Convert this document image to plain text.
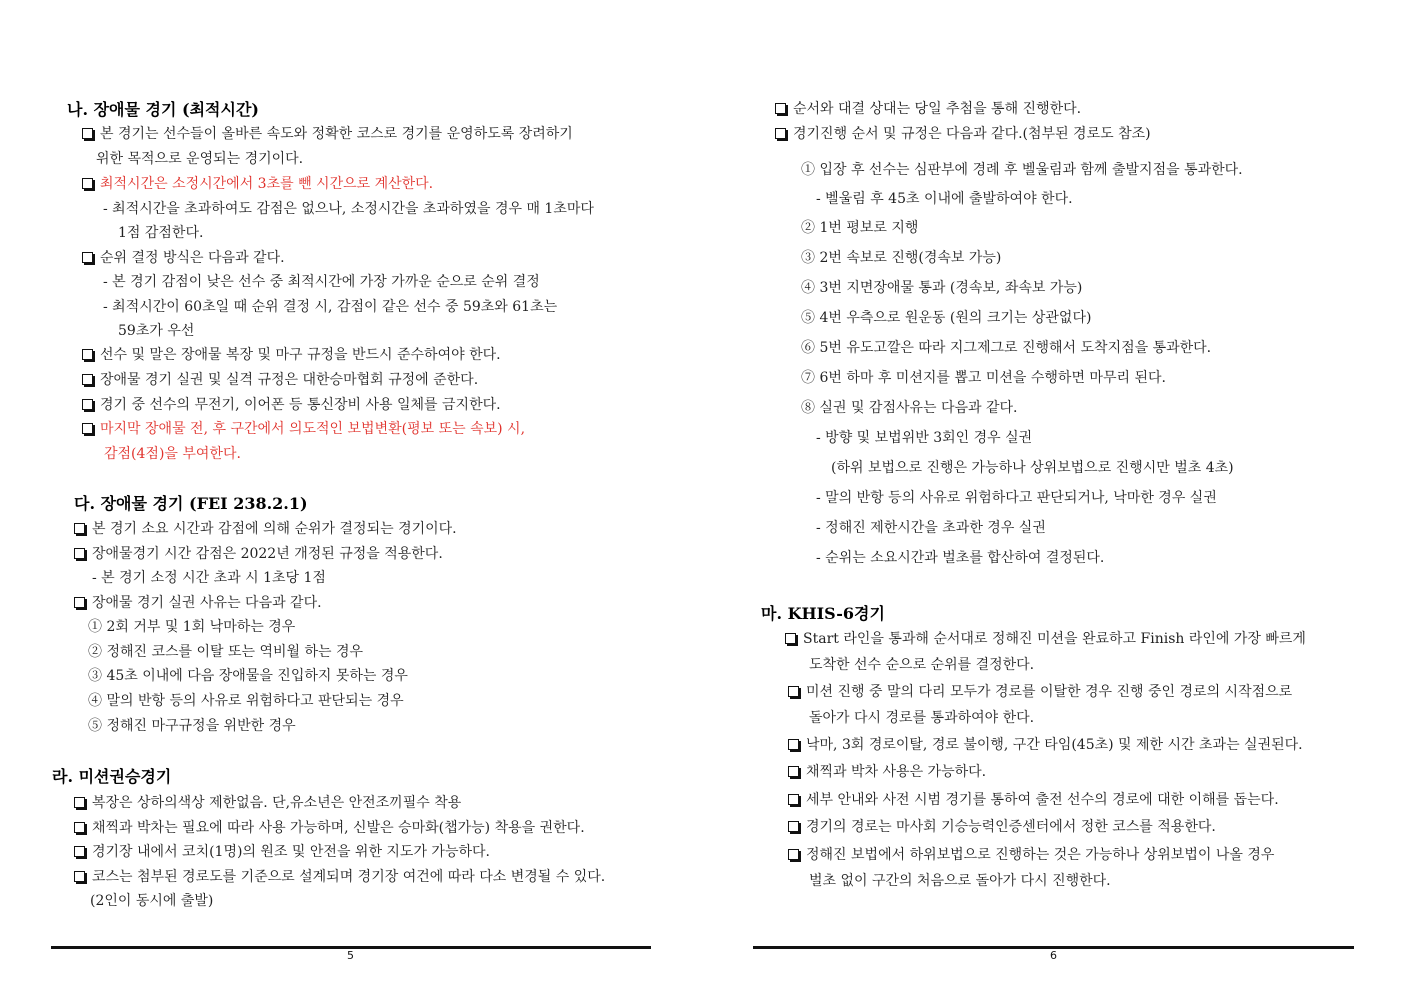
나. 장애물 경기 (최적시간)
본 경기는 선수들이 올바른 속도와 정확한 코스로 경기를 운영하도록 장려하기
위한 목적으로 운영되는 경기이다.
최적시간은 소정시간에서 3초를 뺀 시간으로 계산한다.
- 최적시간을 초과하여도 감점은 없으나, 소정시간을 초과하였을 경우 매 1초마다
1점 감점한다.
순위 결정 방식은 다음과 같다.
- 본 경기 감점이 낮은 선수 중 최적시간에 가장 가까운 순으로 순위 결정
- 최적시간이 60초일 때 순위 결정 시, 감점이 같은 선수 중 59초와 61초는
59초가 우선
선수 및 말은 장애물 복장 및 마구 규정을 반드시 준수하여야 한다.
장애물 경기 실권 및 실격 규정은 대한승마협회 규정에 준한다.
경기 중 선수의 무전기, 이어폰 등 통신장비 사용 일체를 금지한다.
마지막 장애물 전, 후 구간에서 의도적인 보법변환(평보 또는 속보) 시,
감점(4점)을 부여한다.
다. 장애물 경기 (FEI 238.2.1)
본 경기 소요 시간과 감점에 의해 순위가 결정되는 경기이다.
장애물경기 시간 감점은 2022년 개정된 규정을 적용한다.
- 본 경기 소정 시간 초과 시 1초당 1점
장애물 경기 실권 사유는 다음과 같다.
① 2회 거부 및 1회 낙마하는 경우
② 정해진 코스를 이탈 또는 역비월 하는 경우
③ 45초 이내에 다음 장애물을 진입하지 못하는 경우
④ 말의 반항 등의 사유로 위험하다고 판단되는 경우
⑤ 정해진 마구규정을 위반한 경우
라. 미션권승경기
복장은 상하의색상 제한없음. 단,유소년은 안전조끼필수 착용
채찍과 박차는 필요에 따라 사용 가능하며, 신발은 승마화(챕가능) 착용을 권한다.
경기장 내에서 코치(1명)의 원조 및 안전을 위한 지도가 가능하다.
코스는 첨부된 경로도를 기준으로 설계되며 경기장 여건에 따라 다소 변경될 수 있다.
(2인이 동시에 출발)
5
순서와 대결 상대는 당일 추첨을 통해 진행한다.
경기진행 순서 및 규정은 다음과 같다.(첨부된 경로도 참조)
① 입장 후 선수는 심판부에 경례 후 벨울림과 함께 출발지점을 통과한다.
- 벨울림 후 45초 이내에 출발하여야 한다.
② 1번 평보로 지행
③ 2번 속보로 진행(경속보 가능)
④ 3번 지면장애물 통과 (경속보, 좌속보 가능)
⑤ 4번 우측으로 원운동 (원의 크기는 상관없다)
⑥ 5번 유도고깔은 따라 지그제그로 진행해서 도착지점을 통과한다.
⑦ 6번 하마 후 미션지를 뽑고 미션을 수행하면 마무리 된다.
⑧ 실권 및 감점사유는 다음과 같다.
- 방향 및 보법위반 3회인 경우 실권
(하위 보법으로 진행은 가능하나 상위보법으로 진행시만 벌초 4초)
- 말의 반항 등의 사유로 위험하다고 판단되거나, 낙마한 경우 실권
- 정해진 제한시간을 초과한 경우 실권
- 순위는 소요시간과 벌초를 합산하여 결정된다.
마. KHIS-6경기
Start 라인을 통과해 순서대로 정해진 미션을 완료하고 Finish 라인에 가장 빠르게
도착한 선수 순으로 순위를 결정한다.
미션 진행 중 말의 다리 모두가 경로를 이탈한 경우 진행 중인 경로의 시작점으로
돌아가 다시 경로를 통과하여야 한다.
낙마, 3회 경로이탈, 경로 불이행, 구간 타임(45초) 및 제한 시간 초과는 실권된다.
채찍과 박차 사용은 가능하다.
세부 안내와 사전 시범 경기를 통하여 출전 선수의 경로에 대한 이해를 돕는다.
경기의 경로는 마사회 기승능력인증센터에서 정한 코스를 적용한다.
정해진 보법에서 하위보법으로 진행하는 것은 가능하나 상위보법이 나올 경우
벌초 없이 구간의 처음으로 돌아가 다시 진행한다.
6
